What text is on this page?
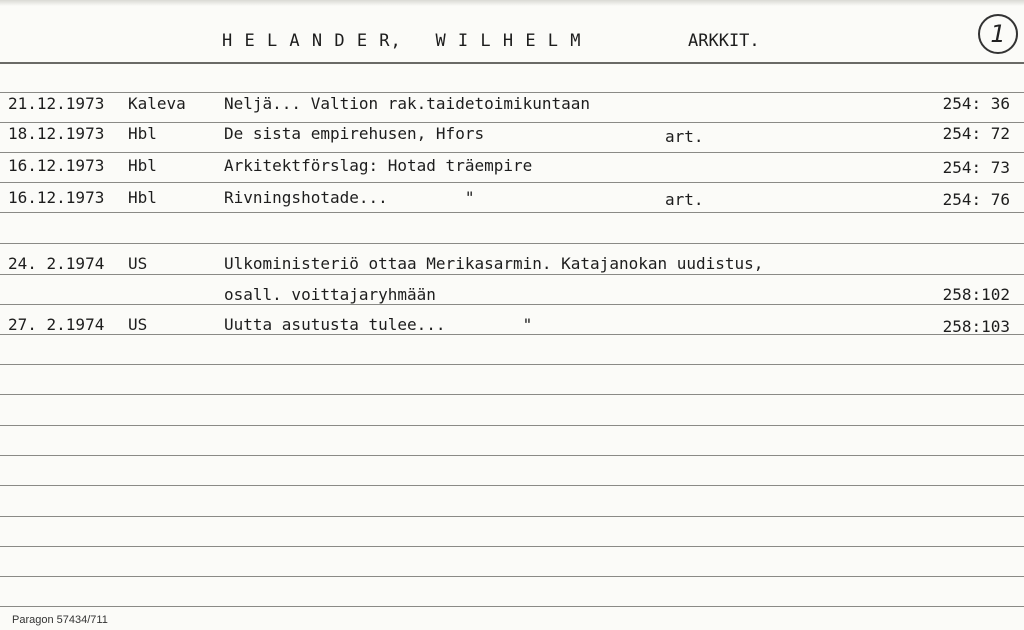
H E L A N D E R,   W I L H E L M	ARKKIT.	1
21.12.1973 Kaleva Neljä... Valtion rak.taidetoimikuntaan	254: 36
18.12.1973 Hbl	De sista empirehusen, Hfors	art.	254: 72
16.12.1973 Hbl	Arkitektförslag: Hotad träempire	254: 73
16.12.1973 Hbl	Rivningshotade...        "	art.	254: 76
24. 2.1974 US	Ulkoministeriö ottaa Merikasarmin. Katajanokan uudistus,
osall. voittajaryhmään	258:102
27. 2.1974 US	Uutta asutusta tulee...        "	258:103
Paragon 57434/711
